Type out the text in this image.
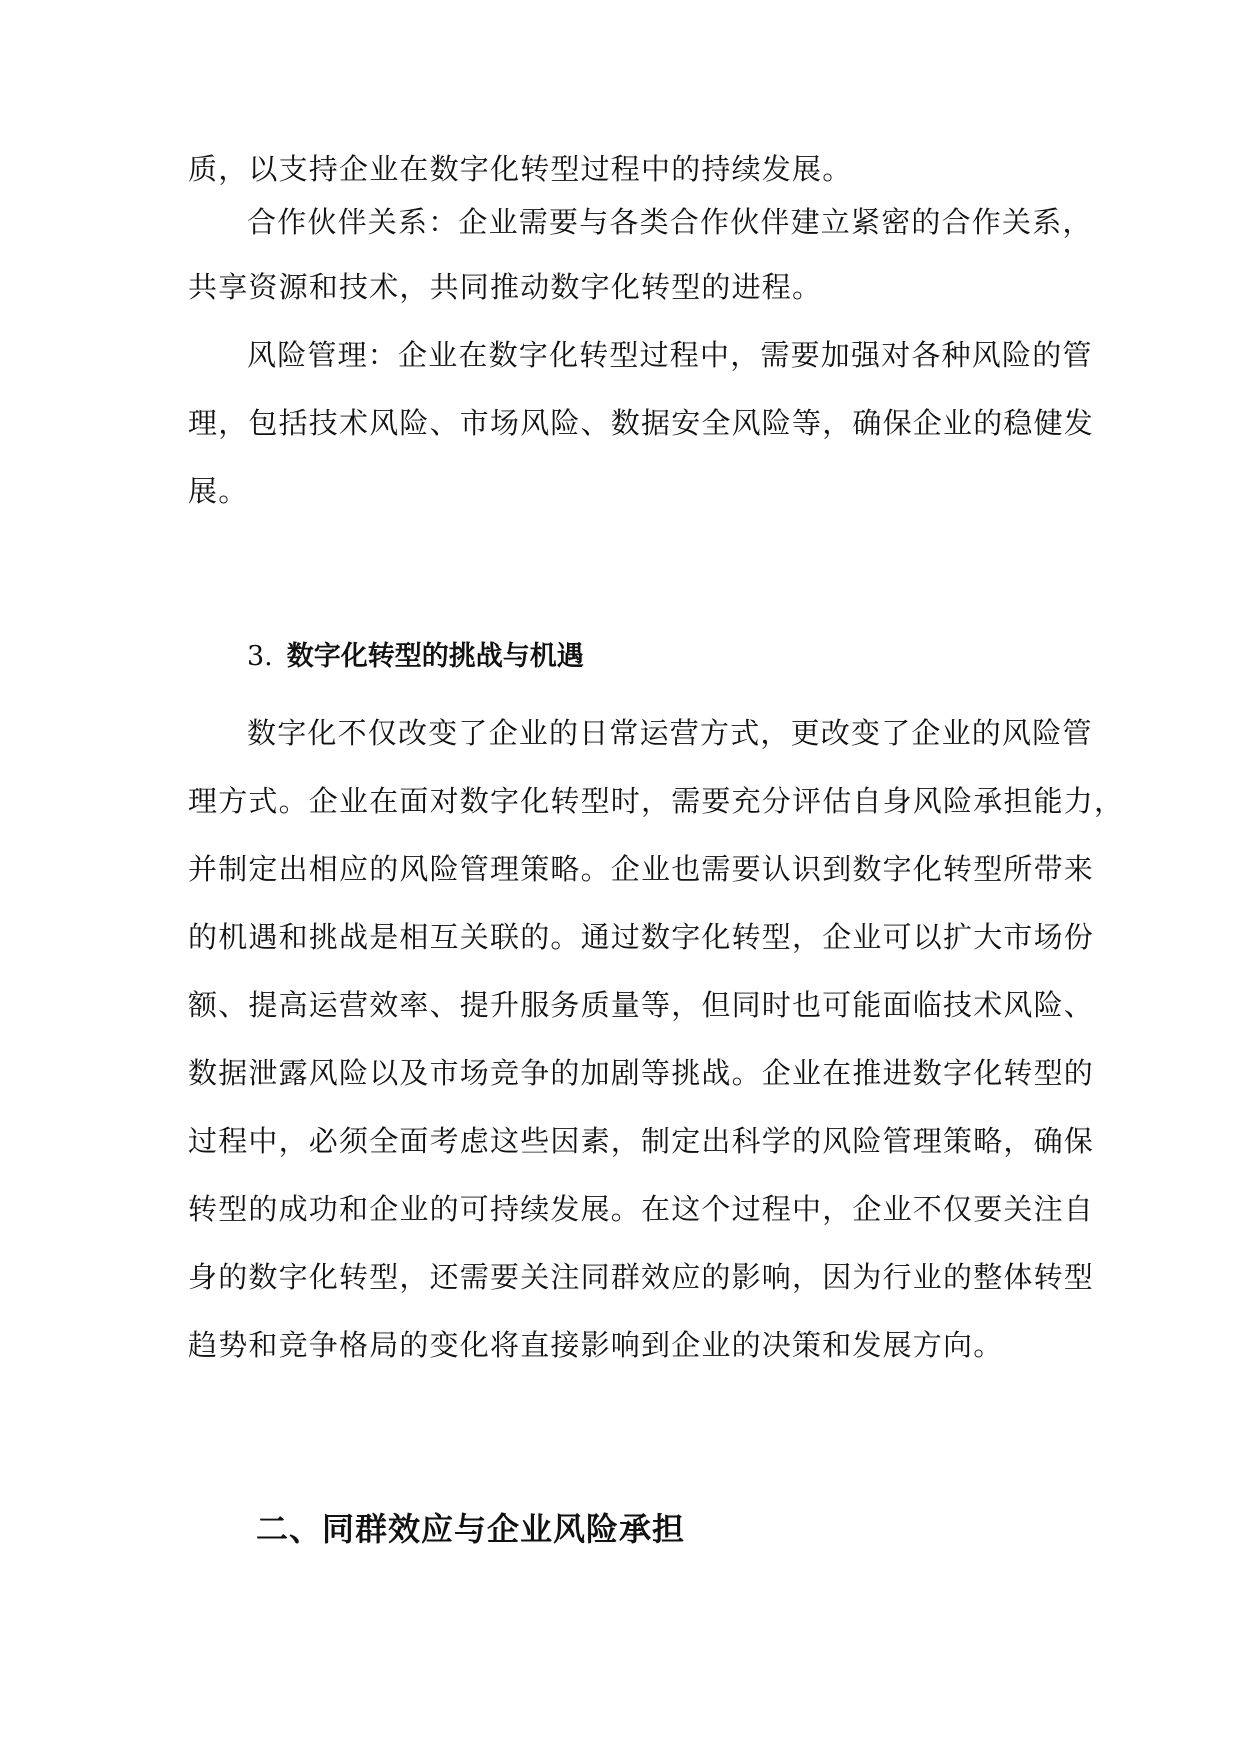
质，以支持企业在数字化转型过程中的持续发展。
合作伙伴关系：企业需要与各类合作伙伴建立紧密的合作关系，
共享资源和技术，共同推动数字化转型的进程。
风险管理：企业在数字化转型过程中，需要加强对各种风险的管
理，包括技术风险、市场风险、数据安全风险等，确保企业的稳健发
展。
3. 数字化转型的挑战与机遇
数字化不仅改变了企业的日常运营方式，更改变了企业的风险管
理方式。企业在面对数字化转型时，需要充分评估自身风险承担能力，
并制定出相应的风险管理策略。企业也需要认识到数字化转型所带来
的机遇和挑战是相互关联的。通过数字化转型，企业可以扩大市场份
额、提高运营效率、提升服务质量等，但同时也可能面临技术风险、
数据泄露风险以及市场竞争的加剧等挑战。企业在推进数字化转型的
过程中，必须全面考虑这些因素，制定出科学的风险管理策略，确保
转型的成功和企业的可持续发展。在这个过程中，企业不仅要关注自
身的数字化转型，还需要关注同群效应的影响，因为行业的整体转型
趋势和竞争格局的变化将直接影响到企业的决策和发展方向。
二、同群效应与企业风险承担
